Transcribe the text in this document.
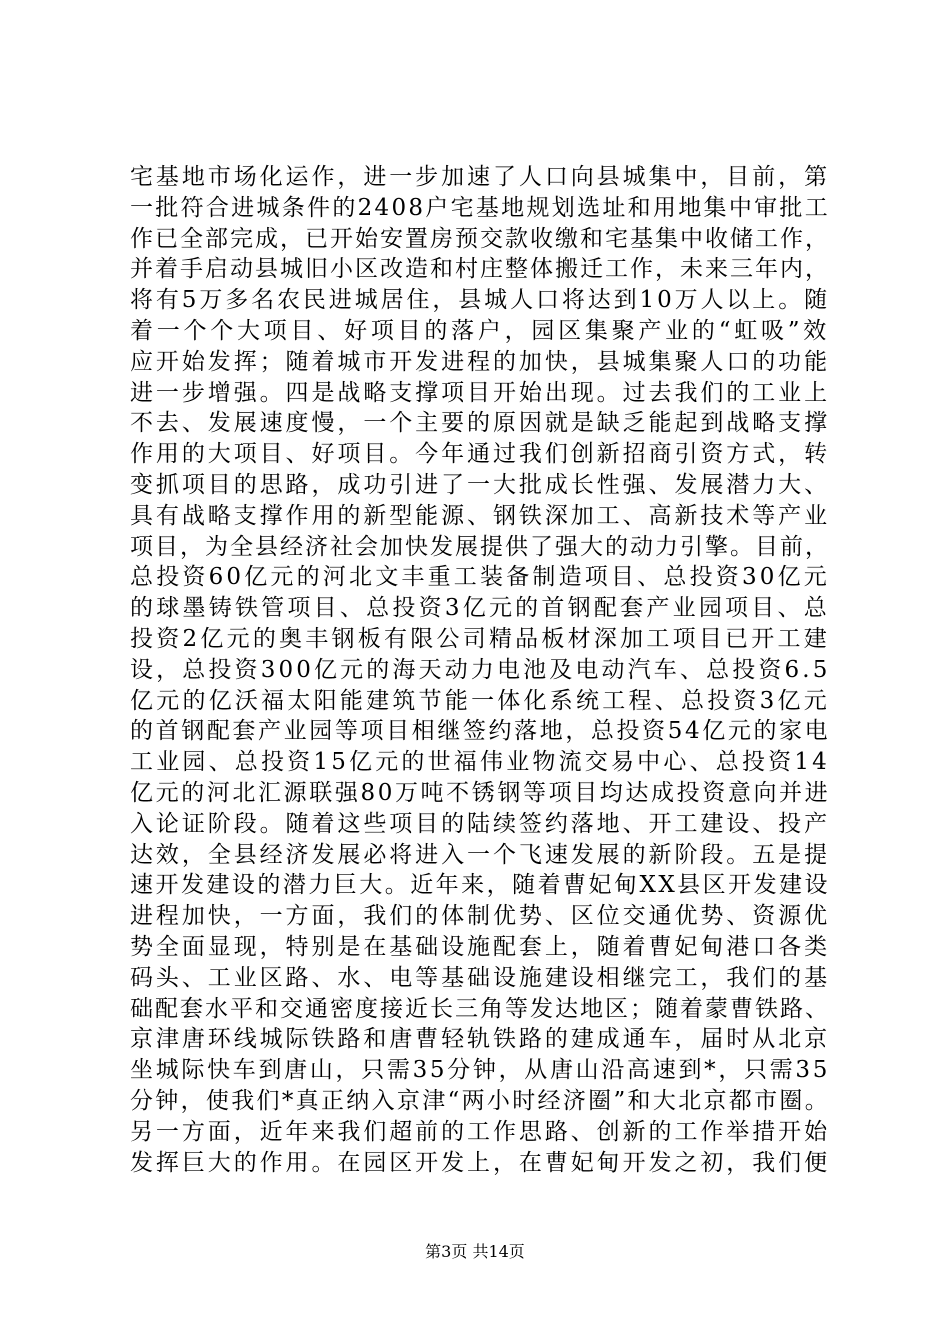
宅基地市场化运作，进一步加速了人口向县城集中，目前，第
一批符合进城条件的2408户宅基地规划选址和用地集中审批工
作已全部完成，已开始安置房预交款收缴和宅基集中收储工作，
并着手启动县城旧小区改造和村庄整体搬迁工作，未来三年内，
将有5万多名农民进城居住，县城人口将达到10万人以上。随
着一个个大项目、好项目的落户，园区集聚产业的“虹吸”效
应开始发挥；随着城市开发进程的加快，县城集聚人口的功能
进一步增强。四是战略支撑项目开始出现。过去我们的工业上
不去、发展速度慢，一个主要的原因就是缺乏能起到战略支撑
作用的大项目、好项目。今年通过我们创新招商引资方式，转
变抓项目的思路，成功引进了一大批成长性强、发展潜力大、
具有战略支撑作用的新型能源、钢铁深加工、高新技术等产业
项目，为全县经济社会加快发展提供了强大的动力引擎。目前，
总投资60亿元的河北文丰重工装备制造项目、总投资30亿元
的球墨铸铁管项目、总投资3亿元的首钢配套产业园项目、总
投资2亿元的奥丰钢板有限公司精品板材深加工项目已开工建
设，总投资300亿元的海天动力电池及电动汽车、总投资6.5
亿元的亿沃福太阳能建筑节能一体化系统工程、总投资3亿元
的首钢配套产业园等项目相继签约落地，总投资54亿元的家电
工业园、总投资15亿元的世福伟业物流交易中心、总投资14
亿元的河北汇源联强80万吨不锈钢等项目均达成投资意向并进
入论证阶段。随着这些项目的陆续签约落地、开工建设、投产
达效，全县经济发展必将进入一个飞速发展的新阶段。五是提
速开发建设的潜力巨大。近年来，随着曹妃甸XX县区开发建设
进程加快，一方面，我们的体制优势、区位交通优势、资源优
势全面显现，特别是在基础设施配套上，随着曹妃甸港口各类
码头、工业区路、水、电等基础设施建设相继完工，我们的基
础配套水平和交通密度接近长三角等发达地区；随着蒙曹铁路、
京津唐环线城际铁路和唐曹轻轨铁路的建成通车，届时从北京
坐城际快车到唐山，只需35分钟，从唐山沿高速到*，只需35
分钟，使我们*真正纳入京津“两小时经济圈”和大北京都市圈。
另一方面，近年来我们超前的工作思路、创新的工作举措开始
发挥巨大的作用。在园区开发上，在曹妃甸开发之初，我们便
第3页 共14页
